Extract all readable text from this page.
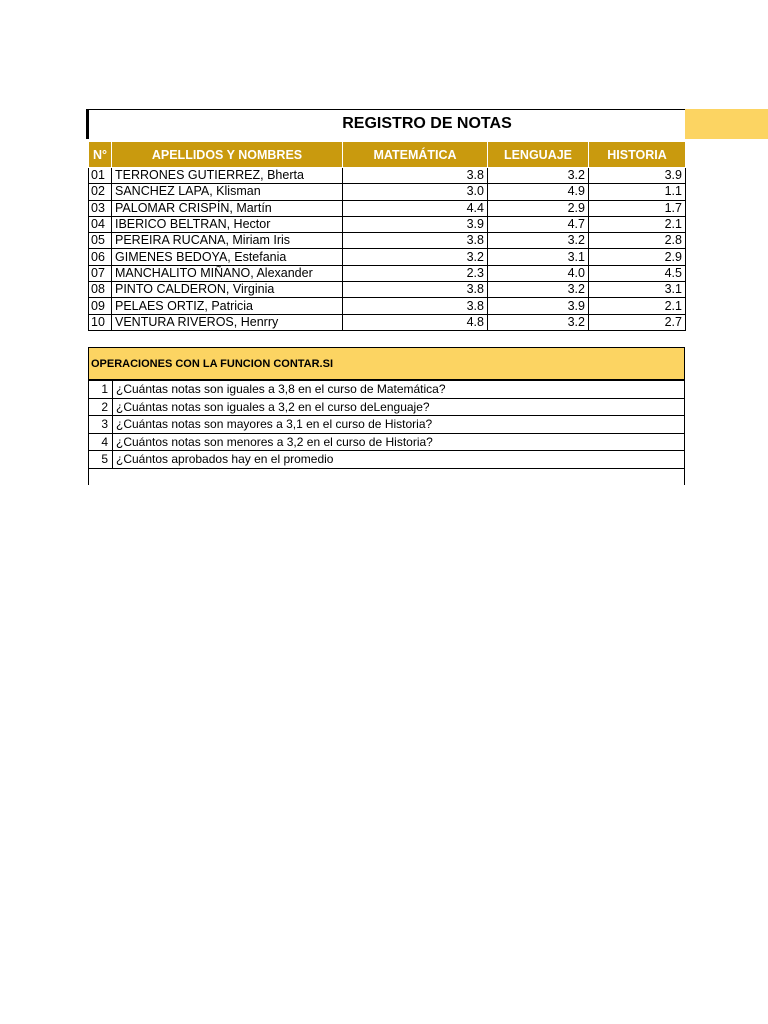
REGISTRO DE NOTAS
N°	APELLIDOS Y NOMBRES	MATEMÁTICA	LENGUAJE	HISTORIA
01	TERRONES GUTIERREZ, Bherta	3.8	3.2	3.9
02	SANCHEZ LAPA, Klisman	3.0	4.9	1.1
03	PALOMAR CRISPÍN, Martín	4.4	2.9	1.7
04	IBERICO BELTRAN, Hector	3.9	4.7	2.1
05	PEREIRA RUCANA, Miriam Iris	3.8	3.2	2.8
06	GIMENES BEDOYA, Estefania	3.2	3.1	2.9
07	MANCHALITO MIÑANO, Alexander	2.3	4.0	4.5
08	PINTO CALDERON, Virginia	3.8	3.2	3.1
09	PELAES ORTIZ, Patricia	3.8	3.9	2.1
10	VENTURA RIVEROS, Henrry	4.8	3.2	2.7
OPERACIONES CON LA FUNCION CONTAR.SI
1	¿Cuántas notas son iguales a 3,8 en el curso de Matemática?
2	¿Cuántas notas son iguales a 3,2 en el curso deLenguaje?
3	¿Cuántas notas son mayores a 3,1 en el curso de Historia?
4	¿Cuántos notas son menores a 3,2 en el curso de Historia?
5	¿Cuántos aprobados hay en el promedio
